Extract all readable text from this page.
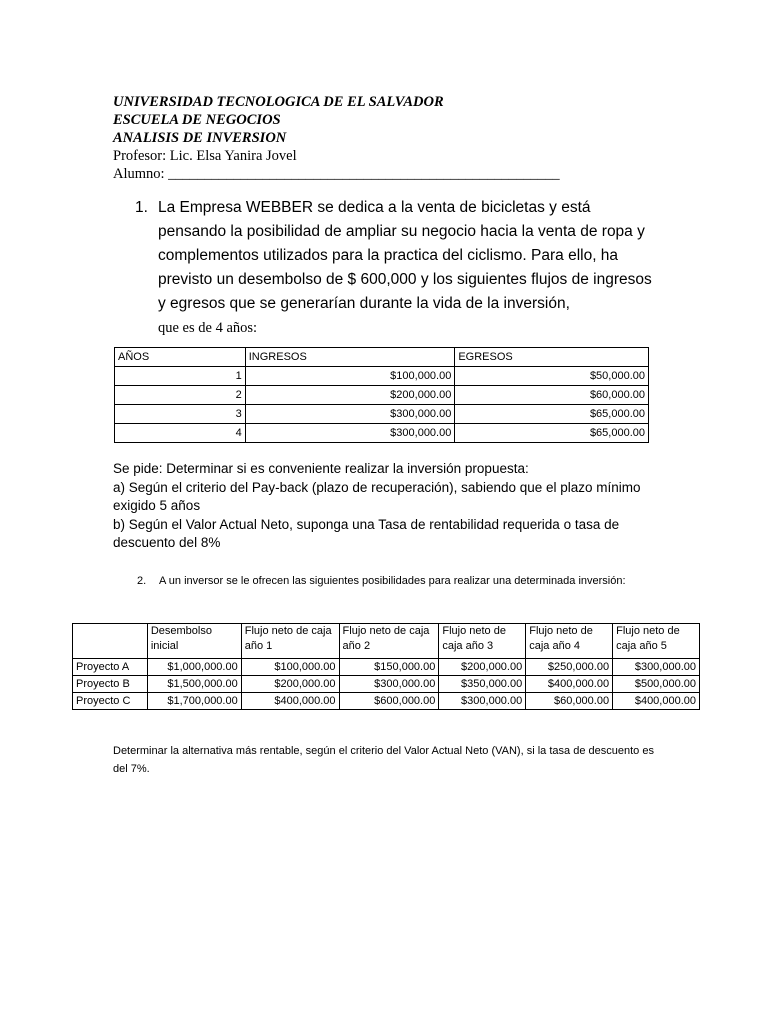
UNIVERSIDAD TECNOLOGICA DE EL SALVADOR
ESCUELA DE NEGOCIOS
ANALISIS DE INVERSION
Profesor: Lic. Elsa Yanira Jovel
Alumno: ______________________________________________________
1. La Empresa WEBBER se dedica a la venta de bicicletas y está pensando la posibilidad de ampliar su negocio hacia la venta de ropa y complementos utilizados para la practica del ciclismo. Para ello, ha previsto un desembolso de $ 600,000 y los siguientes flujos de ingresos y egresos que se generarían durante la vida de la inversión,
que es de 4 años:
AÑOS	INGRESOS	EGRESOS
1	$100,000.00	$50,000.00
2	$200,000.00	$60,000.00
3	$300,000.00	$65,000.00
4	$300,000.00	$65,000.00
Se pide: Determinar si es conveniente realizar la inversión propuesta:
a) Según el criterio del Pay-back (plazo de recuperación), sabiendo que el plazo mínimo exigido 5 años
b) Según el Valor Actual Neto, suponga una Tasa de rentabilidad requerida o tasa de descuento del 8%
2. A un inversor se le ofrecen las siguientes posibilidades para realizar una determinada inversión:
	Desembolso inicial	Flujo neto de caja año 1	Flujo neto de caja año 2	Flujo neto de caja año 3	Flujo neto de caja año 4	Flujo neto de caja año 5
Proyecto A	$1,000,000.00	$100,000.00	$150,000.00	$200,000.00	$250,000.00	$300,000.00
Proyecto B	$1,500,000.00	$200,000.00	$300,000.00	$350,000.00	$400,000.00	$500,000.00
Proyecto C	$1,700,000.00	$400,000.00	$600,000.00	$300,000.00	$60,000.00	$400,000.00
Determinar la alternativa más rentable, según el criterio del Valor Actual Neto (VAN), si la tasa de descuento es del 7%.
